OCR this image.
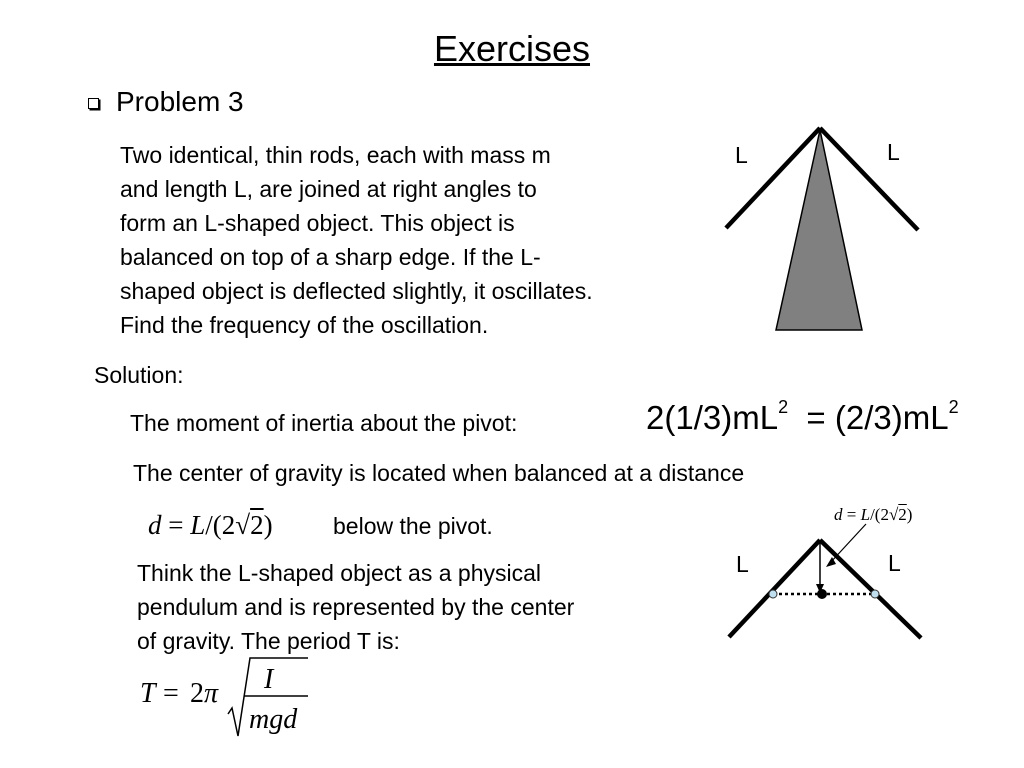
Exercises
Problem 3
Two identical, thin rods, each with mass m
and length L, are joined at right angles to
form an L-shaped object. This object is
balanced on top of a sharp edge. If the L-
shaped object is deflected slightly, it oscillates.
Find the frequency of the oscillation.
Solution:
The moment of inertia about the pivot:	$2(1/3)mL^2 = (2/3)mL^2$
The center of gravity is located when balanced at a distance
d = L/(2√2)	below the pivot.
Think the L-shaped object as a physical
pendulum and is represented by the center
of gravity. The period T is:
L	L
T = 2 π I
mgd
L	L
d = L/(2√2)
